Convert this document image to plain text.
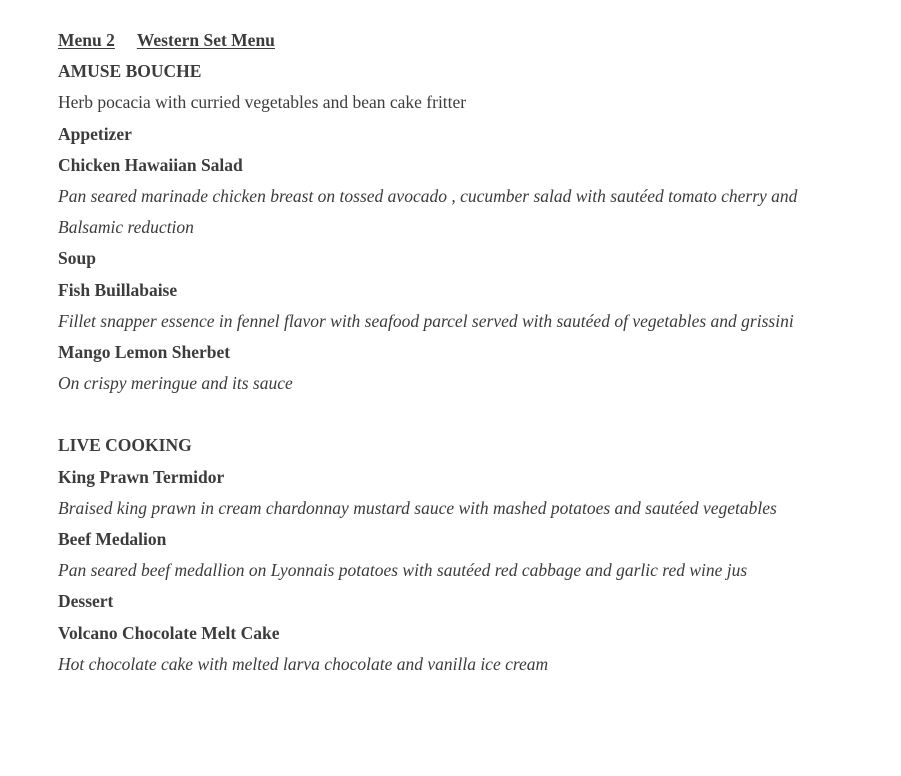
Menu 2 Western Set Menu
AMUSE BOUCHE
Herb pocacia with curried vegetables and bean cake fritter
Appetizer
Chicken Hawaiian Salad
Pan seared marinade chicken breast on tossed avocado , cucumber salad with sautéed tomato cherry and
Balsamic reduction
Soup
Fish Buillabaise
Fillet snapper essence in fennel flavor with seafood parcel served with sautéed of vegetables and grissini
Mango Lemon Sherbet
On crispy meringue and its sauce
LIVE COOKING
King Prawn Termidor
Braised king prawn in cream chardonnay mustard sauce with mashed potatoes and sautéed vegetables
Beef Medalion
Pan seared beef medallion on Lyonnais potatoes with sautéed red cabbage and garlic red wine jus
Dessert
Volcano Chocolate Melt Cake
Hot chocolate cake with melted larva chocolate and vanilla ice cream
